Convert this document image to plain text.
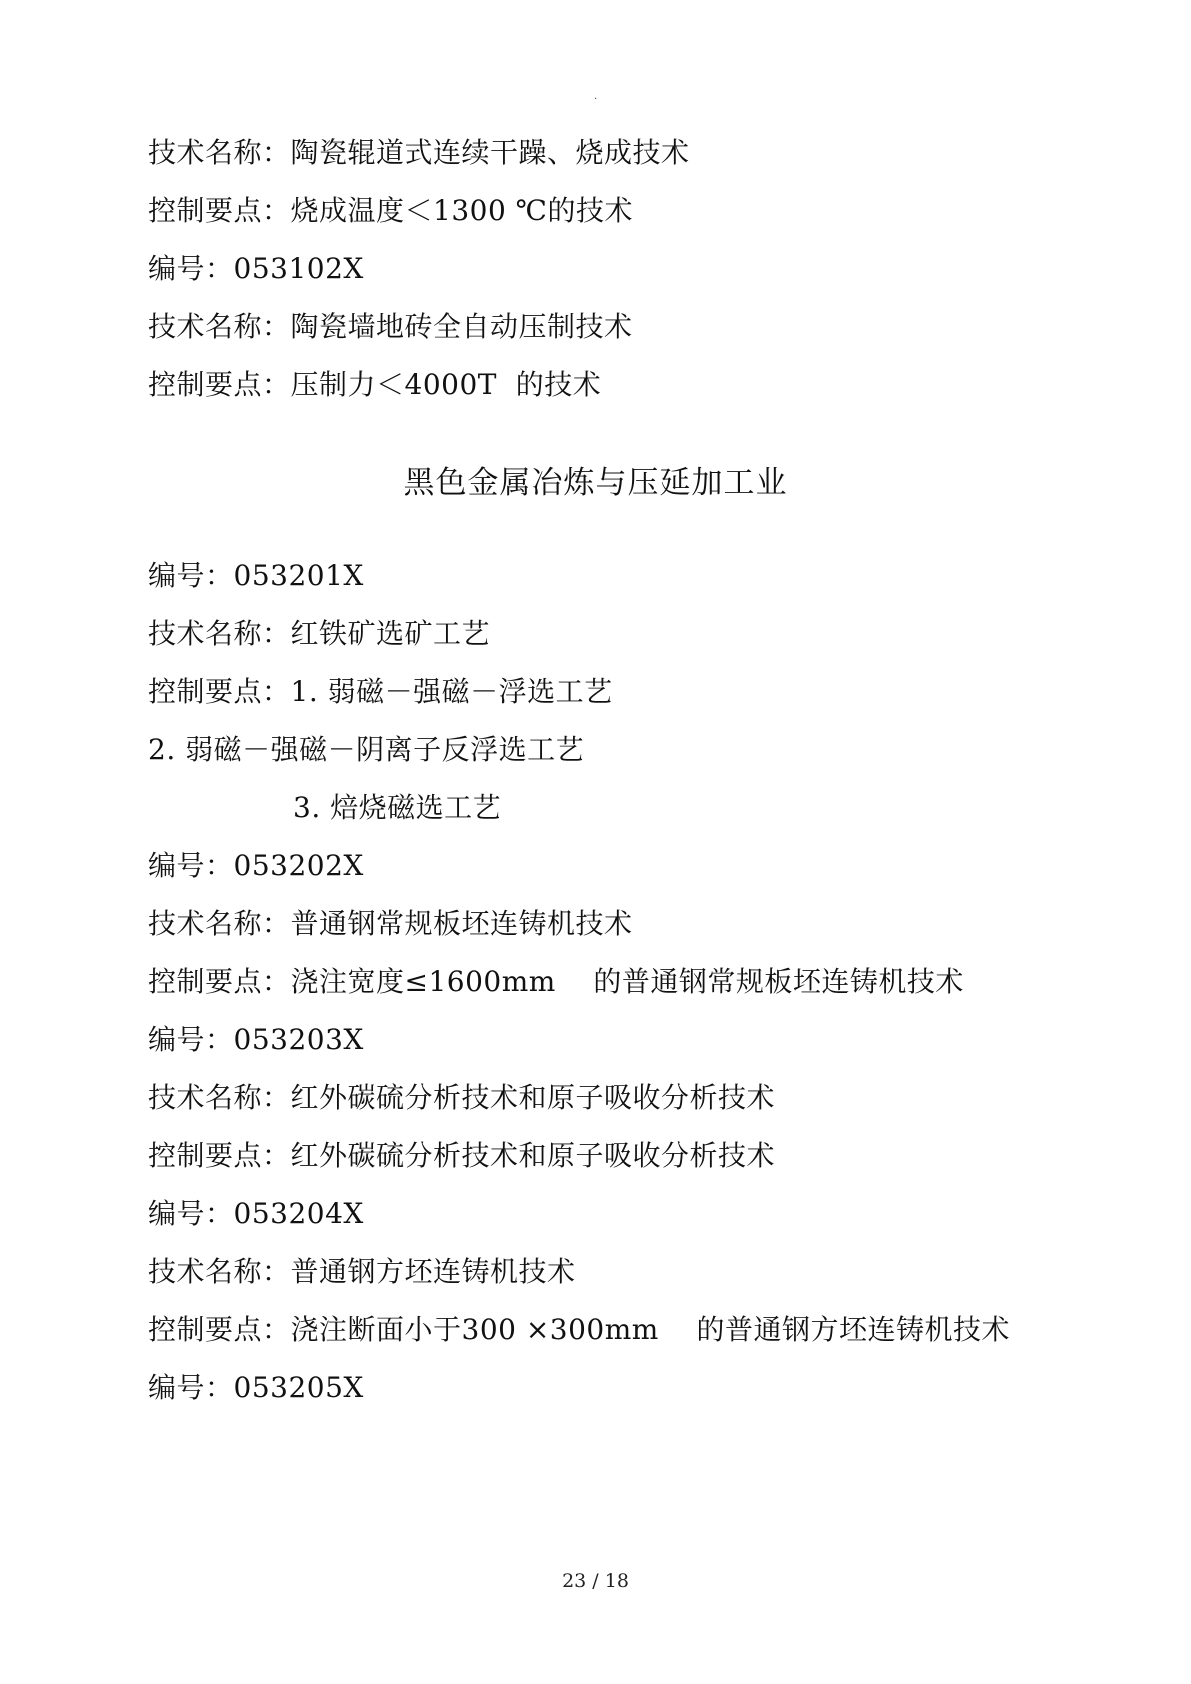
.
技术名称：陶瓷辊道式连续干躁、烧成技术
控制要点：烧成温度＜1300 ℃的技术
编号：053102X
技术名称：陶瓷墙地砖全自动压制技术
控制要点：压制力＜4000T  的技术
黑色金属冶炼与压延加工业
编号：053201X
技术名称：红铁矿选矿工艺
控制要点：1. 弱磁－强磁－浮选工艺
2. 弱磁－强磁－阴离子反浮选工艺
3. 焙烧磁选工艺
编号：053202X
技术名称：普通钢常规板坯连铸机技术
控制要点：浇注宽度≤1600mm    的普通钢常规板坯连铸机技术
编号：053203X
技术名称：红外碳硫分析技术和原子吸收分析技术
控制要点：红外碳硫分析技术和原子吸收分析技术
编号：053204X
技术名称：普通钢方坯连铸机技术
控制要点：浇注断面小于300 ×300mm    的普通钢方坯连铸机技术
编号：053205X
23 / 18
